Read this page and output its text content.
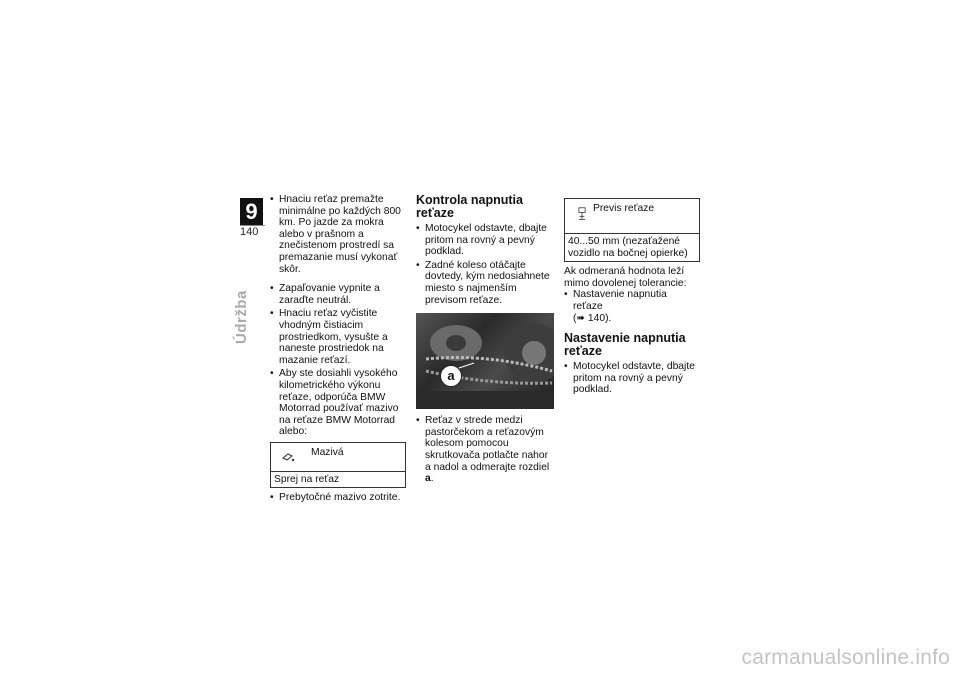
9
140
Údržba
• Hnaciu reťaz premažte minimálne po každých 800 km. Po jazde za mokra alebo v prašnom a znečistenom prostredí sa premazanie musí vykonať skôr.
• Zapaľovanie vypnite a zaraďte neutrál.
• Hnaciu reťaz vyčistite vhodným čistiacim prostriedkom, vysušte a naneste prostriedok na mazanie reťazí.
• Aby ste dosiahli vysokého kilometrického výkonu reťaze, odporúča BMW Motorrad používať mazivo na reťaze BMW Motorrad alebo:
Mazivá
Sprej na reťaz
• Prebytočné mazivo zotrite.
Kontrola napnutia reťaze
• Motocykel odstavte, dbajte pritom na rovný a pevný podklad.
• Zadné koleso otáčajte dovtedy, kým nedosiahnete miesto s najmenším previsom reťaze.
a
• Reťaz v strede medzi pastorčekom a reťazovým kolesom pomocou skrutkovača potlačte nahor a nadol a odmerajte rozdiel a.
Previs reťaze
40...50 mm (nezaťažené vozidlo na bočnej opierke)
Ak odmeraná hodnota leží mimo dovolenej tolerancie:
• Nastavenie napnutia reťaze
(➠ 140).
Nastavenie napnutia reťaze
• Motocykel odstavte, dbajte pritom na rovný a pevný podklad.
carmanualsonline.info
